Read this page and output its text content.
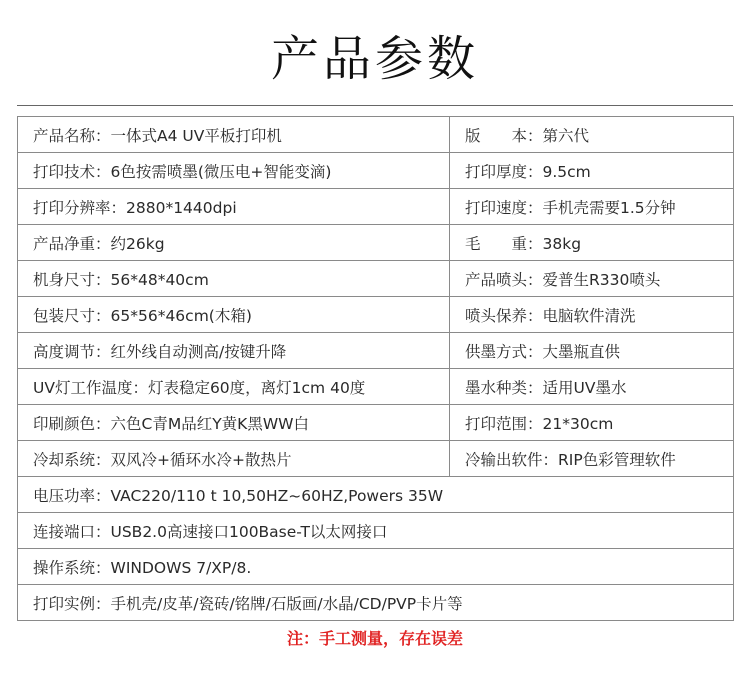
产品参数
产品名称：一体式A4 UV平板打印机	版　　本：第六代
打印技术：6色按需喷墨(微压电+智能变滴)	打印厚度：9.5cm
打印分辨率：2880*1440dpi	打印速度：手机壳需要1.5分钟
产品净重：约26kg	毛　　重：38kg
机身尺寸：56*48*40cm	产品喷头：爱普生R330喷头
包装尺寸：65*56*46cm(木箱)	喷头保养：电脑软件清洗
高度调节：红外线自动测高/按键升降	供墨方式：大墨瓶直供
UV灯工作温度：灯表稳定60度，离灯1cm 40度	墨水种类：适用UV墨水
印刷颜色：六色C青M品红Y黄K黑WW白	打印范围：21*30cm
冷却系统：双风冷+循环水冷+散热片	冷输出软件：RIP色彩管理软件
电压功率：VAC220/110 t 10,50HZ~60HZ,Powers 35W	
连接端口：USB2.0高速接口100Base-T以太网接口	
操作系统：WINDOWS 7/XP/8.	
打印实例：手机壳/皮革/瓷砖/铭牌/石版画/水晶/CD/PVP卡片等	
注：手工测量，存在误差
